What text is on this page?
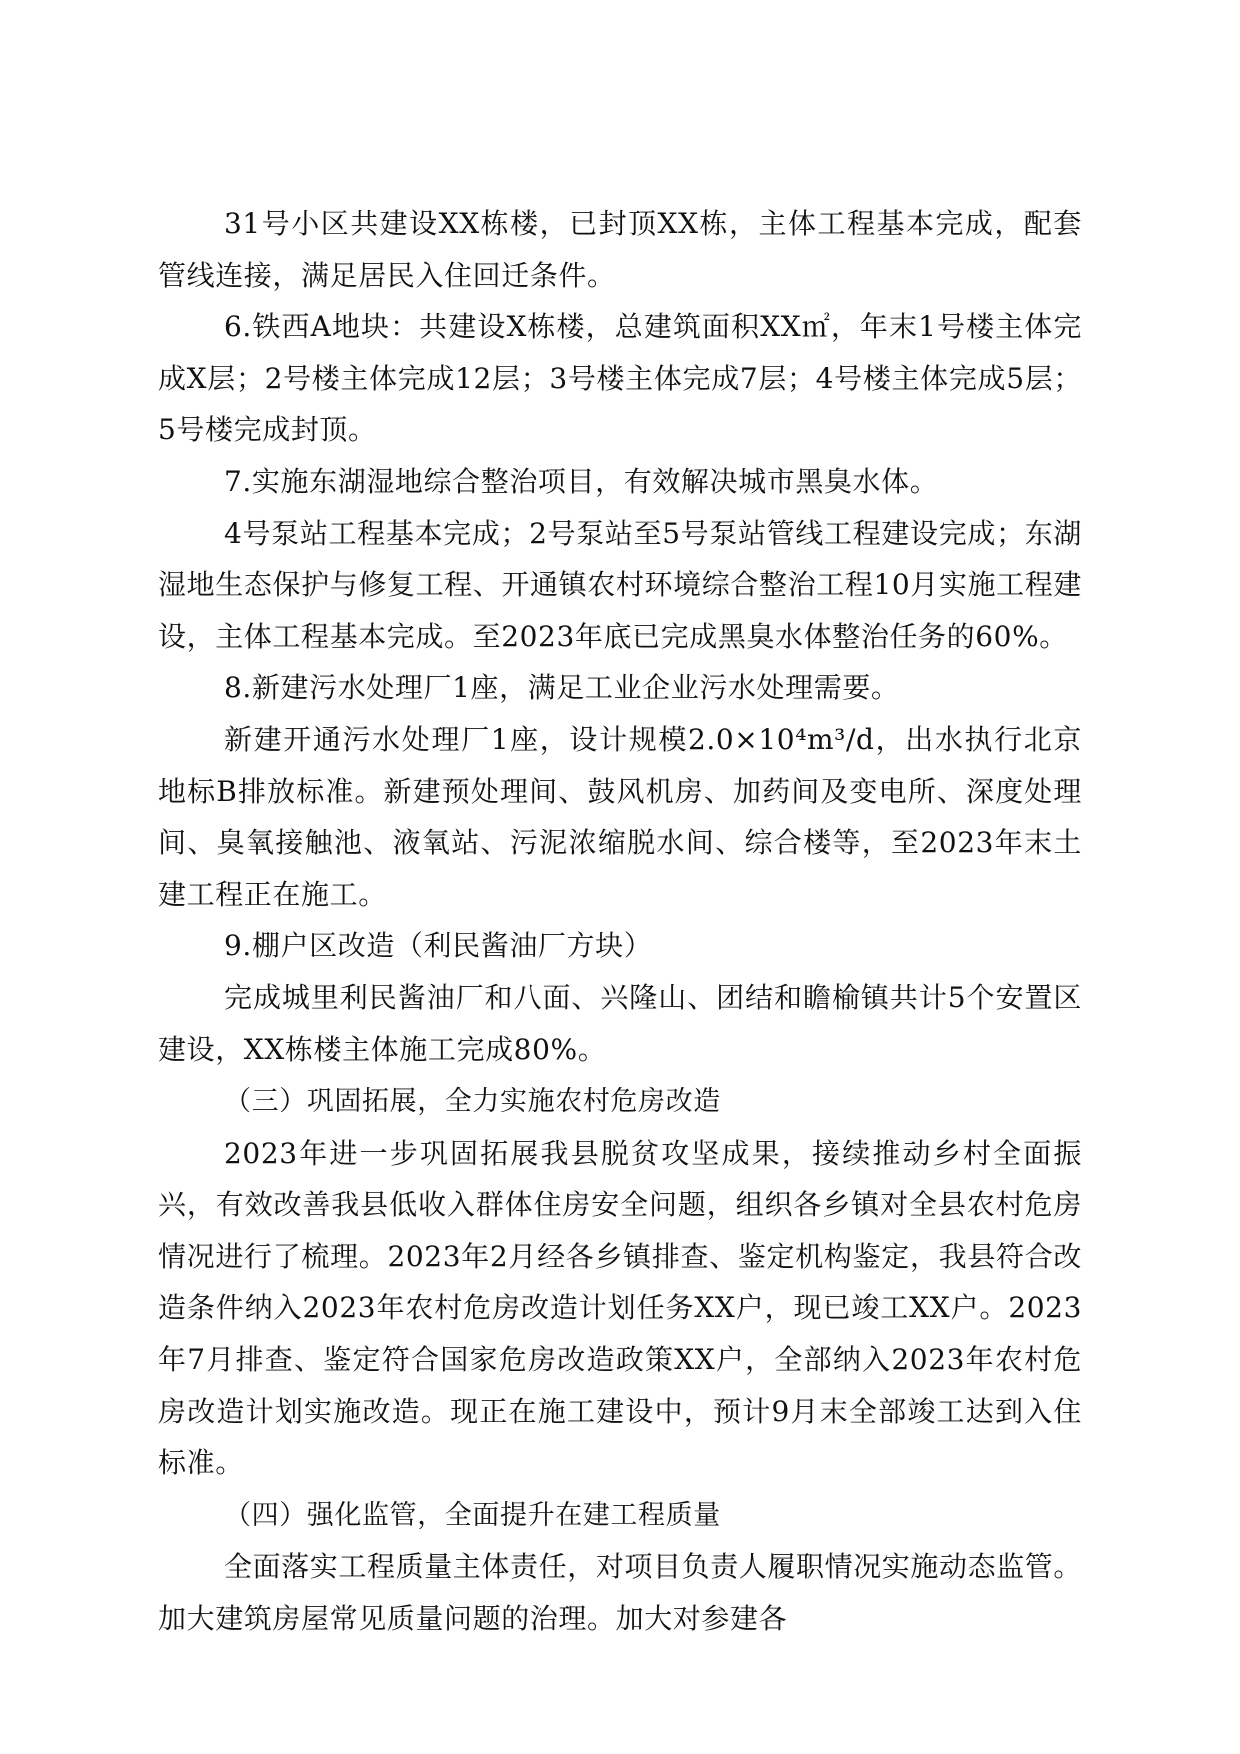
31号小区共建设XX栋楼，已封顶XX栋，主体工程基本完成，配套管线连接，满足居民入住回迁条件。

6.铁西A地块：共建设X栋楼，总建筑面积XX㎡，年末1号楼主体完成X层；2号楼主体完成12层；3号楼主体完成7层；4号楼主体完成5层；5号楼完成封顶。

7.实施东湖湿地综合整治项目，有效解决城市黑臭水体。

4号泵站工程基本完成；2号泵站至5号泵站管线工程建设完成；东湖湿地生态保护与修复工程、开通镇农村环境综合整治工程10月实施工程建设，主体工程基本完成。至2023年底已完成黑臭水体整治任务的60%。

8.新建污水处理厂1座，满足工业企业污水处理需要。

新建开通污水处理厂1座，设计规模2.0×10⁴m³/d，出水执行北京地标B排放标准。新建预处理间、鼓风机房、加药间及变电所、深度处理间、臭氧接触池、液氧站、污泥浓缩脱水间、综合楼等，至2023年末土建工程正在施工。

9.棚户区改造（利民酱油厂方块）

完成城里利民酱油厂和八面、兴隆山、团结和瞻榆镇共计5个安置区建设，XX栋楼主体施工完成80%。

（三）巩固拓展，全力实施农村危房改造

2023年进一步巩固拓展我县脱贫攻坚成果，接续推动乡村全面振兴，有效改善我县低收入群体住房安全问题，组织各乡镇对全县农村危房情况进行了梳理。2023年2月经各乡镇排查、鉴定机构鉴定，我县符合改造条件纳入2023年农村危房改造计划任务XX户，现已竣工XX户。2023年7月排查、鉴定符合国家危房改造政策XX户，全部纳入2023年农村危房改造计划实施改造。现正在施工建设中，预计9月末全部竣工达到入住标准。

（四）强化监管，全面提升在建工程质量

全面落实工程质量主体责任，对项目负责人履职情况实施动态监管。加大建筑房屋常见质量问题的治理。加大对参建各
